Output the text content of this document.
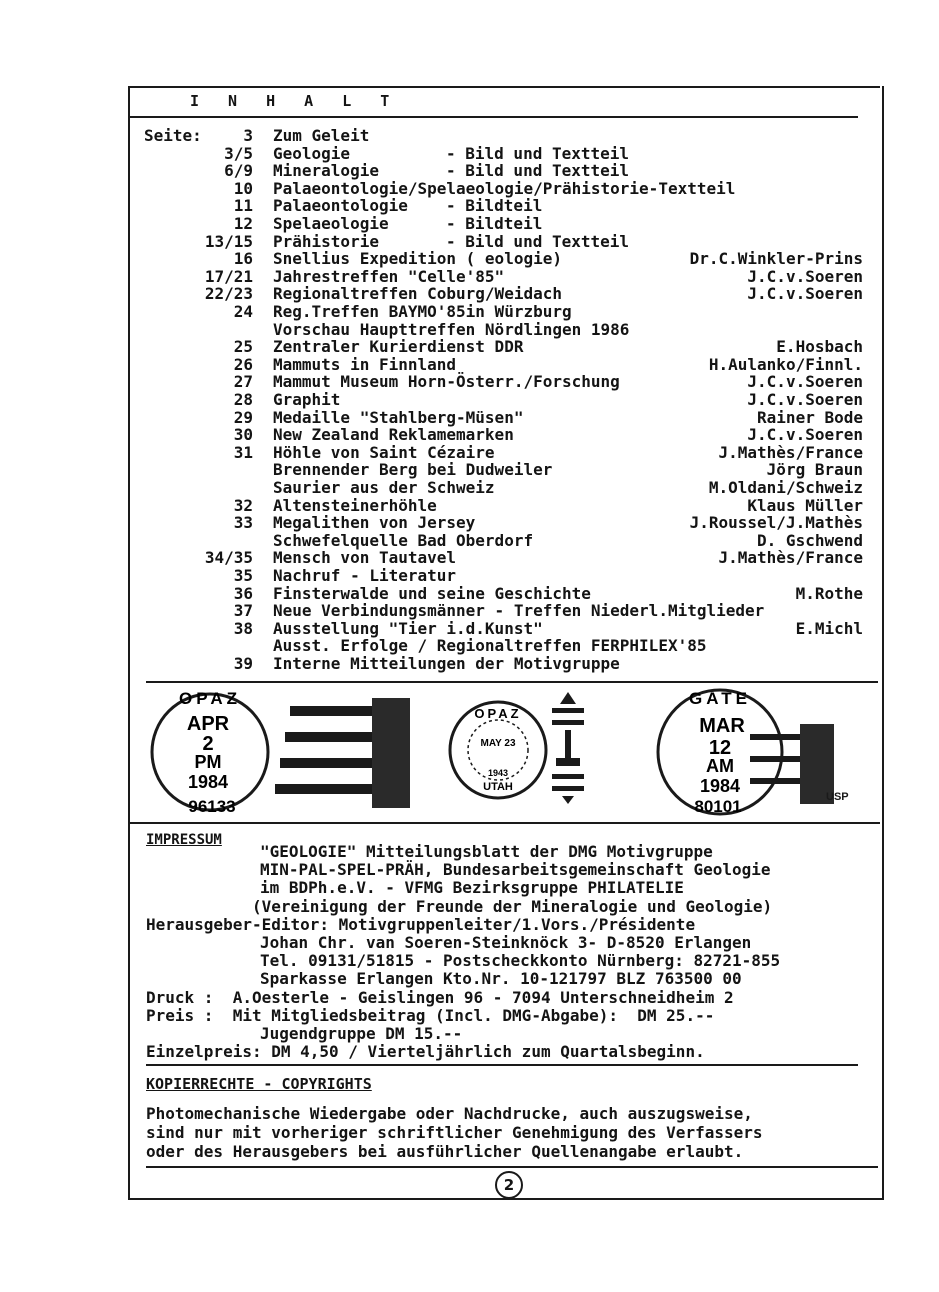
I N H A L T
Seite:	3 Zum Geleit
3/5 Geologie	- Bild und Textteil
6/9 Mineralogie	- Bild und Textteil
10 Palaeontologie/Spelaeologie/Prähistorie-Textteil
11 Palaeontologie - Bildteil
12 Spelaeologie	- Bildteil
13/15 Prähistorie	- Bild und Textteil
16 Snellius Expedition ( eologie)	Dr.C.Winkler-Prins
17/21 Jahrestreffen "Celle'85"	J.C.v.Soeren
22/23 Regionaltreffen Coburg/Weidach	J.C.v.Soeren
24 Reg.Treffen BAYMO'85in Würzburg
Vorschau Haupttreffen Nördlingen 1986
25 Zentraler Kurierdienst DDR	E.Hosbach
26 Mammuts in Finnland	H.Aulanko/Finnl.
27 Mammut Museum Horn-Österr./Forschung	J.C.v.Soeren
28 Graphit	J.C.v.Soeren
29 Medaille "Stahlberg-Müsen"	Rainer Bode
30 New Zealand Reklamemarken	J.C.v.Soeren
31 Höhle von Saint Cézaire	J.Mathès/France
Brennender Berg bei Dudweiler	Jörg Braun
Saurier aus der Schweiz	M.Oldani/Schweiz
32 Altensteinerhöhle	Klaus Müller
33 Megalithen von Jersey	J.Roussel/J.Mathès
Schwefelquelle Bad Oberdorf	D. Gschwend
34/35 Mensch von Tautavel	J.Mathès/France
35 Nachruf - Literatur
36 Finsterwalde und seine Geschichte	M.Rothe
37 Neue Verbindungsmänner - Treffen Niederl.Mitglieder
38 Ausstellung "Tier i.d.Kunst"	E.Michl
Ausst. Erfolge / Regionaltreffen FERPHILEX'85
39 Interne Mitteilungen der Motivgruppe
OPAZ
APR
2
PM
1984
96133
OPAZ
MAY 23
1943
UTAH
GATE
MAR
12
AM
1984
80101	USP
IMPRESSUM
"GEOLOGIE" Mitteilungsblatt der DMG Motivgruppe
MIN-PAL-SPEL-PRÄH, Bundesarbeitsgemeinschaft Geologie
im BDPh.e.V. - VFMG Bezirksgruppe PHILATELIE
(Vereinigung der Freunde der Mineralogie und Geologie)
Herausgeber-Editor: Motivgruppenleiter/1.Vors./Présidente
Johan Chr. van Soeren-Steinknöck 3- D-8520 Erlangen
Tel. 09131/51815 - Postscheckkonto Nürnberg: 82721-855
Sparkasse Erlangen Kto.Nr. 10-121797 BLZ 763500 00
Druck :  A.Oesterle - Geislingen 96 - 7094 Unterschneidheim 2
Preis :  Mit Mitgliedsbeitrag (Incl. DMG-Abgabe):  DM 25.--
Jugendgruppe DM 15.--
Einzelpreis: DM 4,50 / Vierteljährlich zum Quartalsbeginn.
KOPIERRECHTE - COPYRIGHTS
Photomechanische Wiedergabe oder Nachdrucke, auch auszugsweise,
sind nur mit vorheriger schriftlicher Genehmigung des Verfassers
oder des Herausgebers bei ausführlicher Quellenangabe erlaubt.
2
